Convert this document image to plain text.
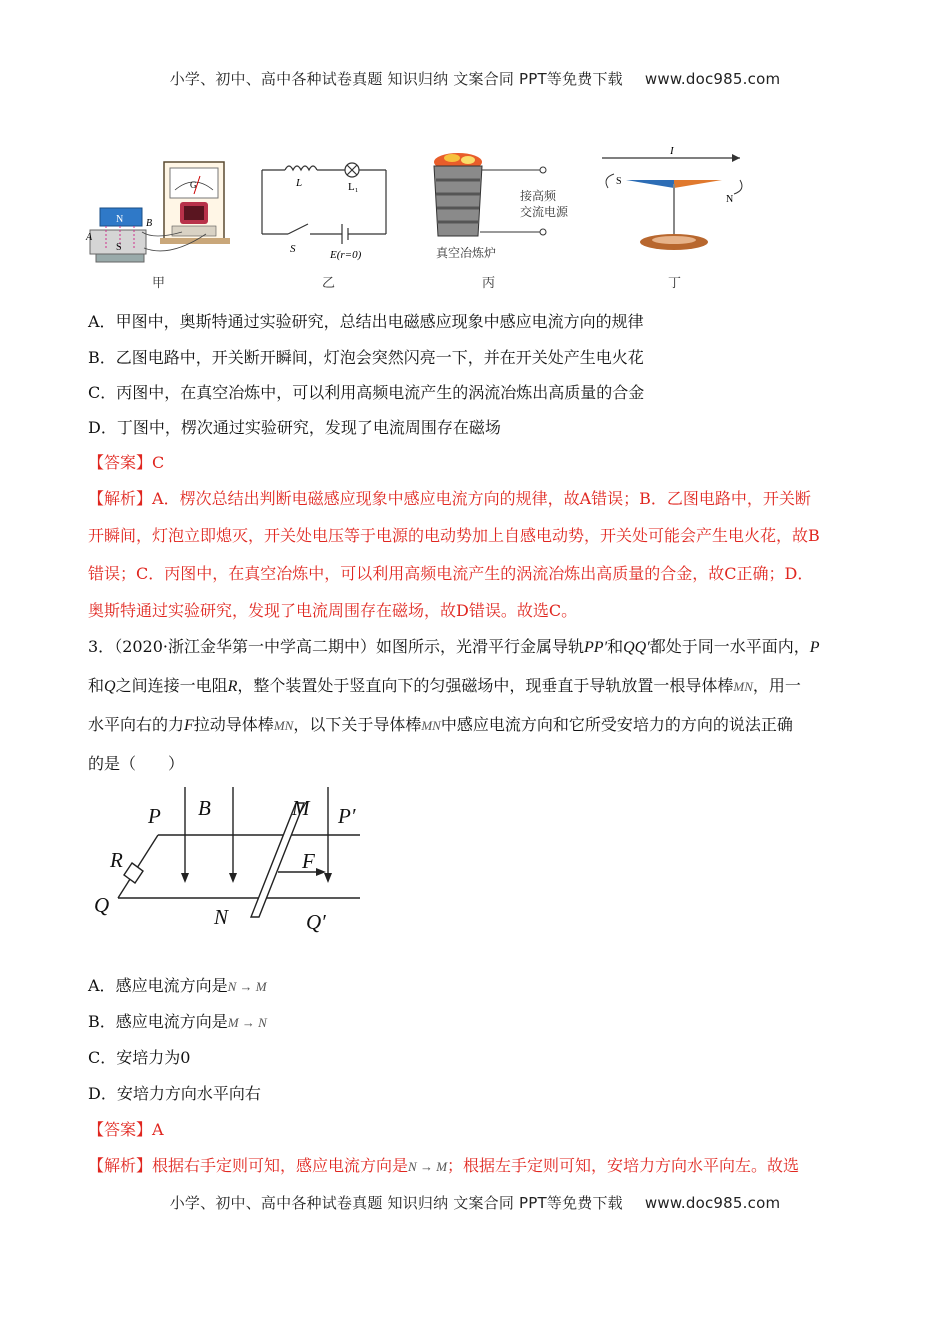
小学、初中、高中各种试卷真题 知识归纳 文案合同 PPT等免费下载 www.doc985.com
N
S
B
A
G	L	L₁
S	E(r=0)
I
S
N
接高频
交流电源
真空冶炼炉
甲	乙	丙	丁
A．甲图中，奥斯特通过实验研究，总结出电磁感应现象中感应电流方向的规律
B．乙图电路中，开关断开瞬间，灯泡会突然闪亮一下，并在开关处产生电火花
C．丙图中，在真空冶炼中，可以利用高频电流产生的涡流冶炼出高质量的合金
D．丁图中，楞次通过实验研究，发现了电流周围存在磁场
【答案】C
【解析】A．楞次总结出判断电磁感应现象中感应电流方向的规律，故A错误；B．乙图电路中，开关断
开瞬间，灯泡立即熄灭，开关处电压等于电源的电动势加上自感电动势，开关处可能会产生电火花，故B
错误；C．丙图中，在真空冶炼中，可以利用高频电流产生的涡流冶炼出高质量的合金，故C正确；D．
奥斯特通过实验研究，发现了电流周围存在磁场，故D错误。故选C。
3．（2020·浙江金华第一中学高二期中）如图所示，光滑平行金属导轨PP′和QQ′都处于同一水平面内，P
和Q之间连接一电阻R，整个装置处于竖直向下的匀强磁场中，现垂直于导轨放置一根导体棒MN，用一
水平向右的力F拉动导体棒MN，以下关于导体棒MN中感应电流方向和它所受安培力的方向的说法正确
的是（　　）
P B	M P′
R	F
Q	N	Q′
A．感应电流方向是N → M
B．感应电流方向是M → N
C．安培力为0
D．安培力方向水平向右
【答案】A
【解析】根据右手定则可知，感应电流方向是N → M；根据左手定则可知，安培力方向水平向左。故选
小学、初中、高中各种试卷真题 知识归纳 文案合同 PPT等免费下载 www.doc985.com
